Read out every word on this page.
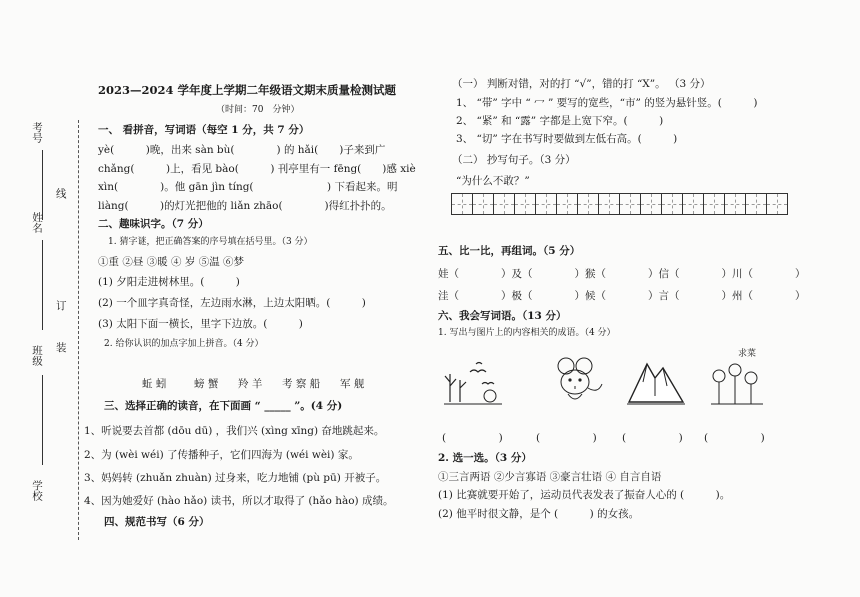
考号
姓名
班级
学校
线
订
装
2023—2024 学年度上学期二年级语文期末质量检测试题
（时间：70　分钟）
一、 看拼音，写词语（每空 1 分，共 7 分）
yè(　　　)晚，出来 sàn bù(　　　　) 的 hǎi(　　)子来到广
chǎng(　　　)上，看见 bào(　　　) 刊亭里有一 fēng(　　)感 xiè
xìn(　　　　)。他 gān jìn tíng(　　　　　　　) 下看起来。明
liàng(　　　)的灯光把他的 liǎn zhāo(　　　　)得红扑扑的。
二、趣味识字。（7 分）
1. 猜字谜，把正确答案的序号填在括号里。（3 分）
①重 ②昼 ③暖 ④ 岁 ⑤温 ⑥梦
(1) 夕阳走进树林里。(　　　)
(2) 一个皿字真奇怪，左边雨水淋，上边太阳晒。(　　　)
(3) 太阳下面一横长，里字下边放。(　　　)
2. 给你认识的加点字加上拼音。（4 分）
蚯 蚓	螃 蟹 羚 羊 考 察 船 军 舰
三、选择正确的读音，在下面画 “ _____ ”。(4 分)
1、听说要去首都 (dōu dū) ，我们兴 (xìng xīng) 奋地跳起来。
2、为 (wèi wéi) 了传播种子，它们四海为 (wéi wèi) 家。
3、妈妈转 (zhuǎn zhuàn) 过身来，吃力地铺 (pù pū) 开被子。
4、因为她爱好 (hào hǎo) 读书，所以才取得了 (hǎo hào) 成绩。
四、规范书写（6 分）
（一） 判断对错，对的打 “√”，错的打 “X”。 （3 分）
1、 “带” 字中 “ 冖 ” 要写的宽些，“市” 的竖为悬针竖。(　　　)
2、 “紧” 和 “露” 字都是上宽下窄。(　　　)
3、 “切” 字在书写时要做到左低右高。(　　　)
（二） 抄写句子。（3 分）
“为什么不敢？”
五、比一比，再组词。（5 分）
娃（　　　　）及（　　　　）猴（　　　　）信（　　　　）川（　　　　）
洼（　　　　）极（　　　　）候（　　　　）言（　　　　）州（　　　　）
六、我会写词语。（13 分）
1. 写出与图片上的内容相关的成语。（4 分）
求菜
(　　　　　)	(　　　　　) (　　　　　) (　　　　　)
2. 选一选。（3 分）
①三言两语 ②少言寡语 ③豪言壮语 ④ 自言自语
(1) 比赛就要开始了，运动员代表发表了振奋人心的 (　　　)。
(2) 他平时很文静，是个 (　　　) 的女孩。
